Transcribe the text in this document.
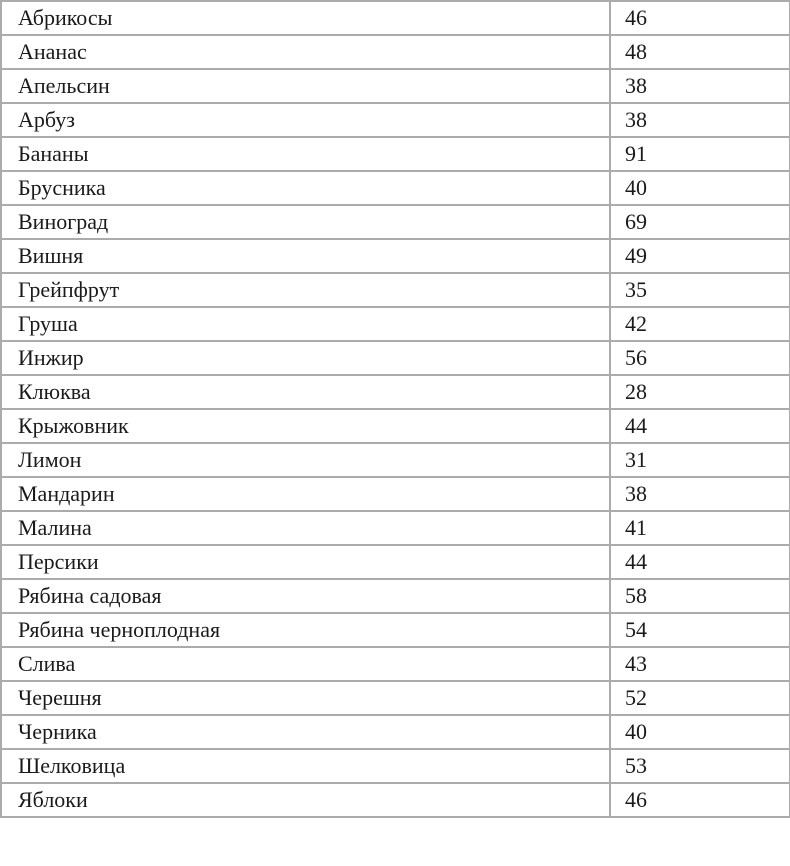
Абрикосы	46
Ананас	48
Апельсин	38
Арбуз	38
Бананы	91
Брусника	40
Виноград	69
Вишня	49
Грейпфрут	35
Груша	42
Инжир	56
Клюква	28
Крыжовник	44
Лимон	31
Мандарин	38
Малина	41
Персики	44
Рябина садовая	58
Рябина черноплодная	54
Слива	43
Черешня	52
Черника	40
Шелковица	53
Яблоки	46
